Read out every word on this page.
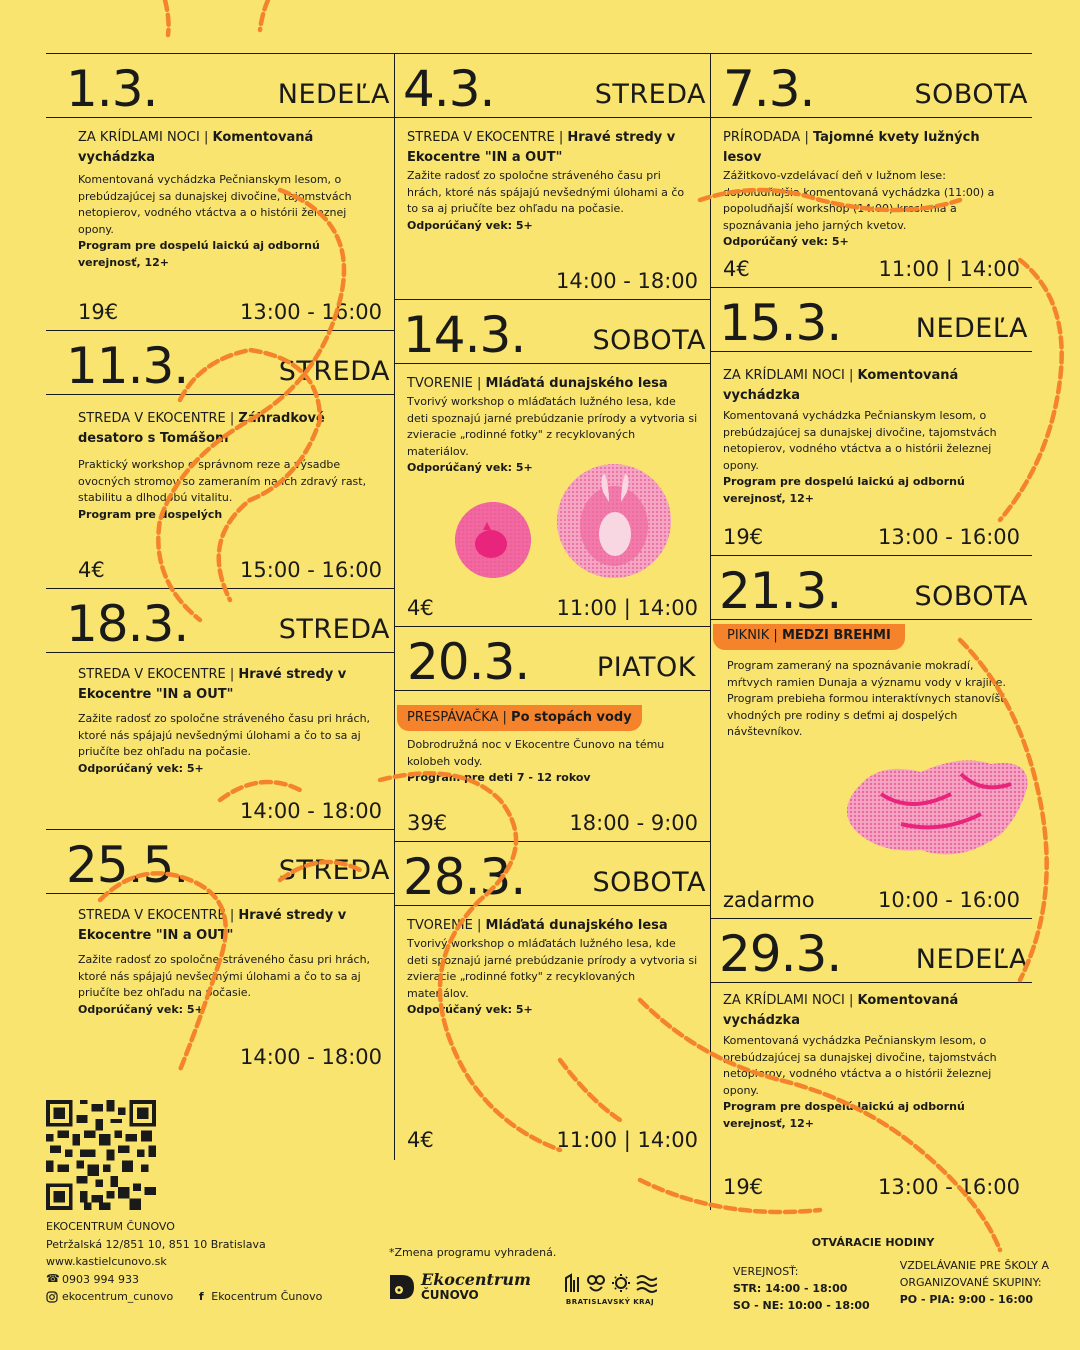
1.3.	NEDEĽA
ZA KRÍDLAMI NOCI | Komentovaná vychádzka
Komentovaná vychádzka Pečnianskym lesom, o prebúdzajúcej sa dunajskej divočine, tajomstvách netopierov, vodného vtáctva a o histórii železnej opony.
Program pre dospelú laickú aj odbornú verejnosť, 12+
19€	13:00 - 16:00
11.3.	STREDA
STREDA V EKOCENTRE | Záhradkové desatoro s Tomášom
Praktický workshop o správnom reze a výsadbe ovocných stromov so zameraním na ich zdravý rast, stabilitu a dlhodobú vitalitu.
Program pre dospelých
4€	15:00 - 16:00
18.3.	STREDA
STREDA V EKOCENTRE | Hravé stredy v Ekocentre "IN a OUT"
Zažite radosť zo spoločne stráveného času pri hrách, ktoré nás spájajú nevšednými úlohami a čo to sa aj priučíte bez ohľadu na počasie.
Odporúčaný vek: 5+
14:00 - 18:00
25.5.	STREDA
STREDA V EKOCENTRE | Hravé stredy v Ekocentre "IN a OUT"
Zažite radosť zo spoločne stráveného času pri hrách, ktoré nás spájajú nevšednými úlohami a čo to sa aj priučíte bez ohľadu na počasie.
Odporúčaný vek: 5+
14:00 - 18:00
4.3.	STREDA
STREDA V EKOCENTRE | Hravé stredy v Ekocentre "IN a OUT"
Zažite radosť zo spoločne stráveného času pri hrách, ktoré nás spájajú nevšednými úlohami a čo to sa aj priučíte bez ohľadu na počasie.
Odporúčaný vek: 5+
14:00 - 18:00
14.3. SOBOTA
TVORENIE | Mláďatá dunajského lesa
Tvorivý workshop o mláďatách lužného lesa, kde deti spoznajú jarné prebúdzanie prírody a vytvoria si zvieracie „rodinné fotky" z recyklovaných materiálov.
Odporúčaný vek: 5+
4€	11:00 | 14:00
20.3.	PIATOK
PRESPÁVAČKA | Po stopách vody
Dobrodružná noc v Ekocentre Čunovo na tému kolobeh vody.
Program pre deti 7 - 12 rokov
39€	18:00 - 9:00
28.3. SOBOTA
TVORENIE | Mláďatá dunajského lesa
Tvorivý workshop o mláďatách lužného lesa, kde deti spoznajú jarné prebúdzanie prírody a vytvoria si zvieracie „rodinné fotky" z recyklovaných materiálov.
Odporúčaný vek: 5+
4€	11:00 | 14:00
7.3.	SOBOTA
PRÍRODADA | Tajomné kvety lužných lesov
Zážitkovo-vzdelávací deň v lužnom lese: dopoludňajšia komentovaná vychádzka (11:00) a popoludňajší workshop (14:00) kreslenia a spoznávania jeho jarných kvetov.
Odporúčaný vek: 5+
4€	11:00 | 14:00
15.3.	NEDEĽA
ZA KRÍDLAMI NOCI | Komentovaná vychádzka
Komentovaná vychádzka Pečnianskym lesom, o prebúdzajúcej sa dunajskej divočine, tajomstvách netopierov, vodného vtáctva a o histórii železnej opony.
Program pre dospelú laickú aj odbornú verejnosť, 12+
19€	13:00 - 16:00
21.3.	SOBOTA
PIKNIK | MEDZI BREHMI
Program zameraný na spoznávanie mokradí, mŕtvych ramien Dunaja a významu vody v krajine. Program prebieha formou interaktívnych stanovíšť vhodných pre rodiny s deťmi aj dospelých návštevníkov.
zadarmo	10:00 - 16:00
29.3.	NEDEĽA
ZA KRÍDLAMI NOCI | Komentovaná vychádzka
Komentovaná vychádzka Pečnianskym lesom, o prebúdzajúcej sa dunajskej divočine, tajomstvách netopierov, vodného vtáctva a o histórii železnej opony.
Program pre dospelú laickú aj odbornú verejnosť, 12+
19€	13:00 - 16:00
EKOCENTRUM ČUNOVO
Petržalská 12/851 10, 851 10 Bratislava
www.kastielcunovo.sk
☎ 0903 994 933
ekocentrum_cunovo	f Ekocentrum Čunovo
*Zmena programu vyhradená.
Ekocentrum
ČUNOVO	BRATISLAVSKÝ KRAJ
OTVÁRACIE HODINY
VEREJNOSŤ:
STR: 14:00 - 18:00
SO - NE: 10:00 - 18:00
VZDELÁVANIE PRE ŠKOLY A
ORGANIZOVANÉ SKUPINY:
PO - PIA: 9:00 - 16:00
